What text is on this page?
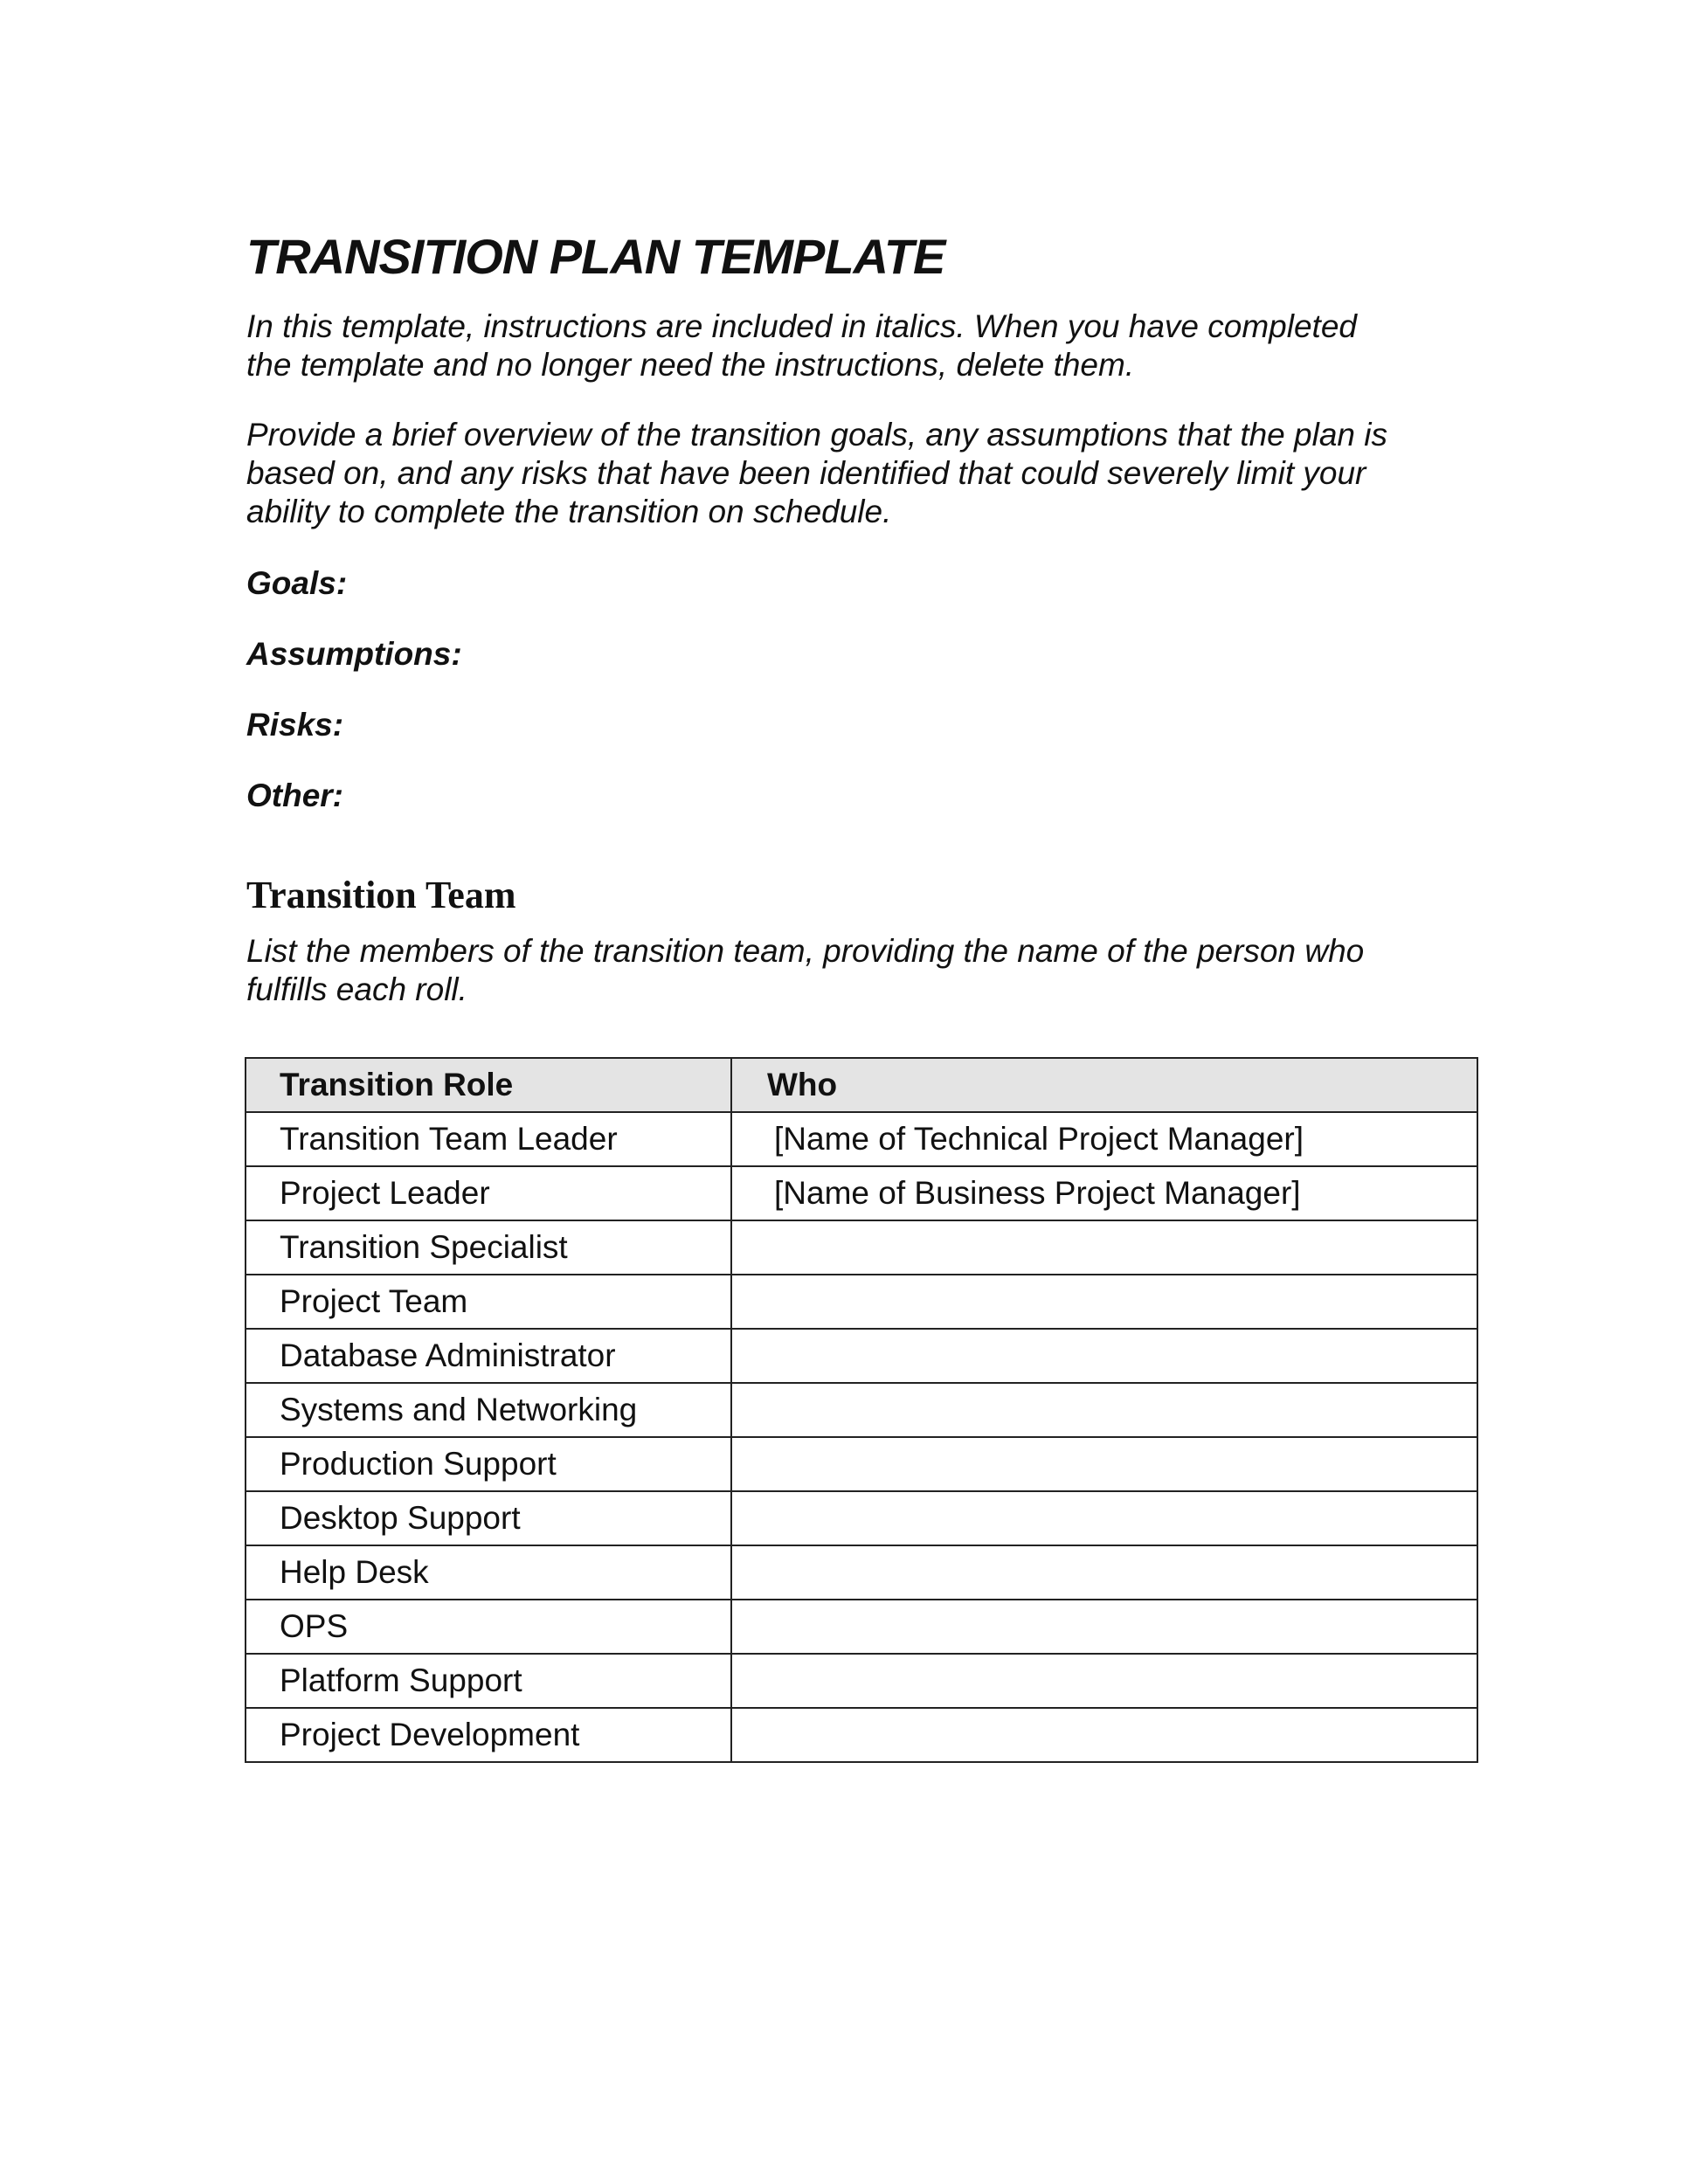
TRANSITION PLAN TEMPLATE

In this template, instructions are included in italics. When you have completed the template and no longer need the instructions, delete them.

Provide a brief overview of the transition goals, any assumptions that the plan is based on, and any risks that have been identified that could severely limit your ability to complete the transition on schedule.

Goals:

Assumptions:

Risks:

Other:

Transition Team

List the members of the transition team, providing the name of the person who fulfills each roll.

Transition Role	Who
Transition Team Leader	[Name of Technical Project Manager]
Project Leader	[Name of Business Project Manager]
Transition Specialist	
Project Team	
Database Administrator	
Systems and Networking	
Production Support	
Desktop Support	
Help Desk	
OPS	
Platform Support	
Project Development	
